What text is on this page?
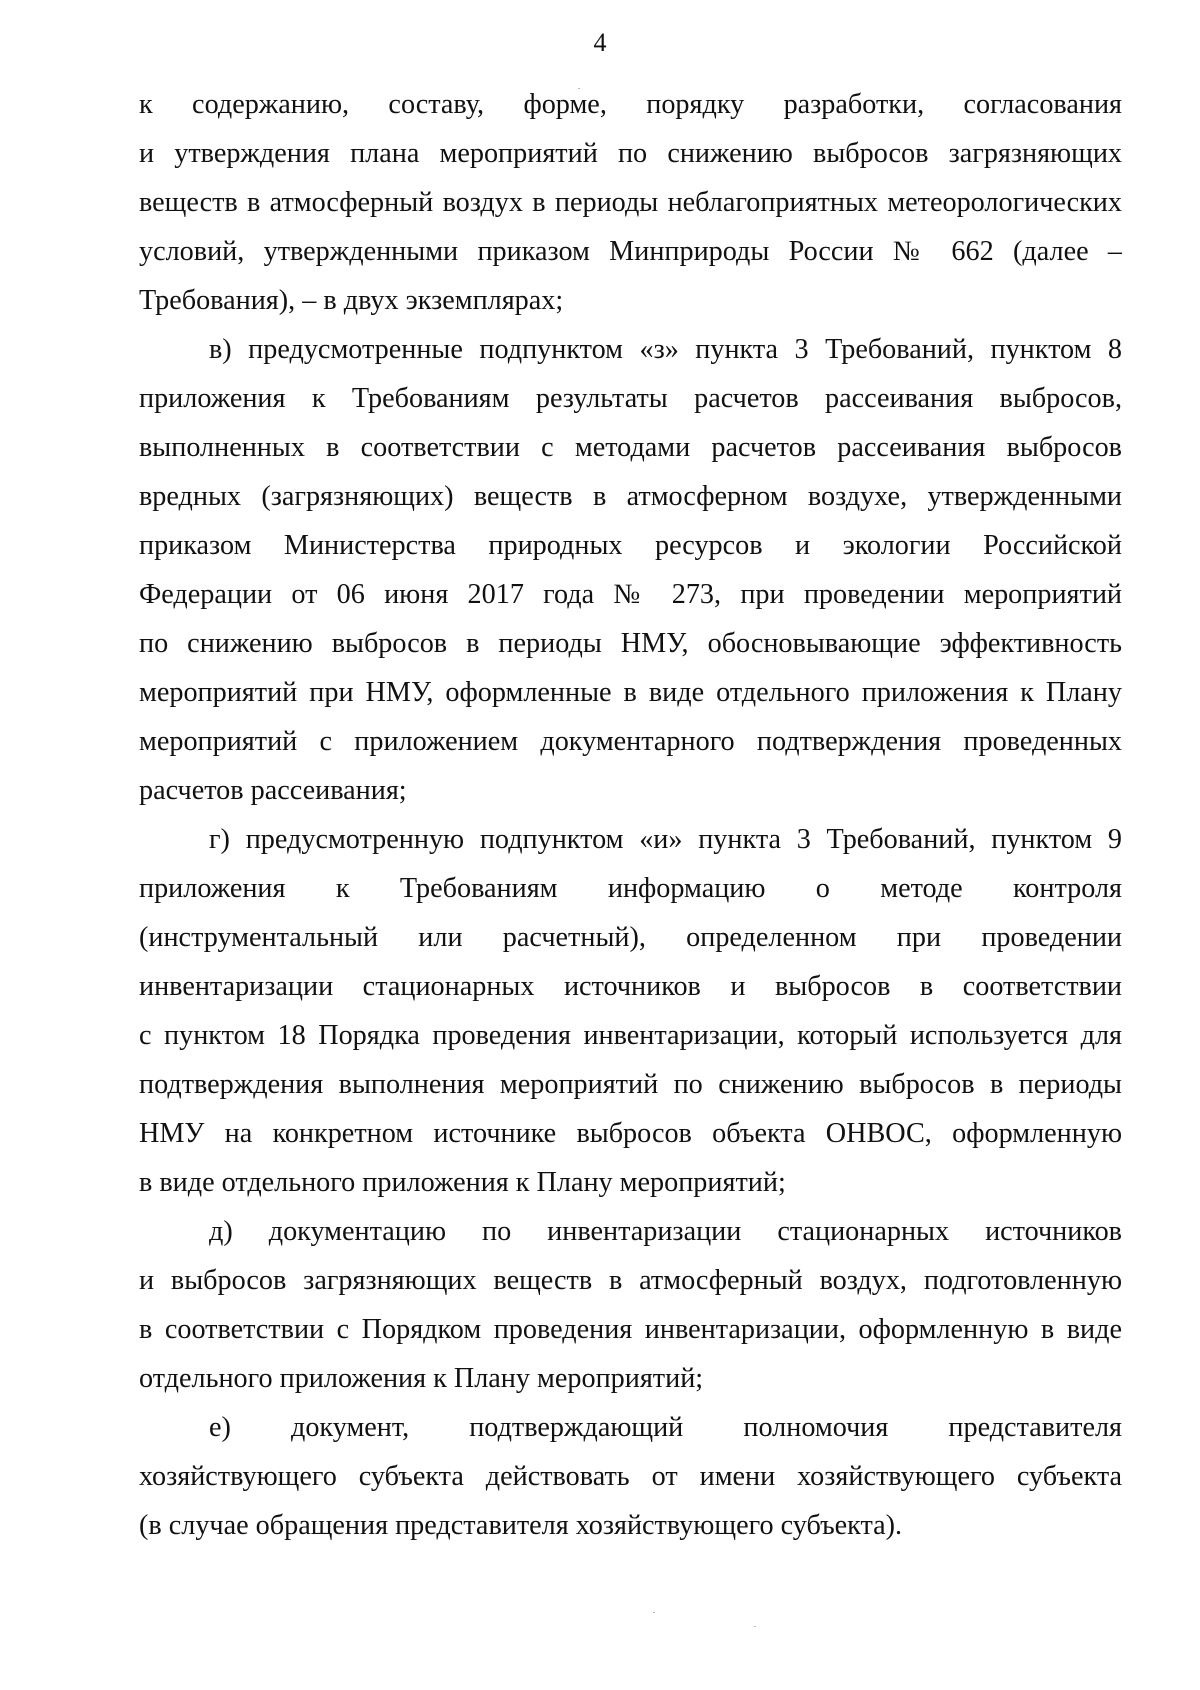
4
к содержанию, составу, форме, порядку разработки, согласования
и утверждения плана мероприятий по снижению выбросов загрязняющих
веществ в атмосферный воздух в периоды неблагоприятных метеорологических
условий, утвержденными приказом Минприроды России № 662 (далее –
Требования), – в двух экземплярах;
в) предусмотренные подпунктом «з» пункта 3 Требований, пунктом 8
приложения к Требованиям результаты расчетов рассеивания выбросов,
выполненных в соответствии с методами расчетов рассеивания выбросов
вредных (загрязняющих) веществ в атмосферном воздухе, утвержденными
приказом Министерства природных ресурсов и экологии Российской
Федерации от 06 июня 2017 года № 273, при проведении мероприятий
по снижению выбросов в периоды НМУ, обосновывающие эффективность
мероприятий при НМУ, оформленные в виде отдельного приложения к Плану
мероприятий с приложением документарного подтверждения проведенных
расчетов рассеивания;
г) предусмотренную подпунктом «и» пункта 3 Требований, пунктом 9
приложения к Требованиям информацию о методе контроля
(инструментальный или расчетный), определенном при проведении
инвентаризации стационарных источников и выбросов в соответствии
с пунктом 18 Порядка проведения инвентаризации, который используется для
подтверждения выполнения мероприятий по снижению выбросов в периоды
НМУ на конкретном источнике выбросов объекта ОНВОС, оформленную
в виде отдельного приложения к Плану мероприятий;
д) документацию по инвентаризации стационарных источников
и выбросов загрязняющих веществ в атмосферный воздух, подготовленную
в соответствии с Порядком проведения инвентаризации, оформленную в виде
отдельного приложения к Плану мероприятий;
е) документ, подтверждающий полномочия представителя
хозяйствующего субъекта действовать от имени хозяйствующего субъекта
(в случае обращения представителя хозяйствующего субъекта).
